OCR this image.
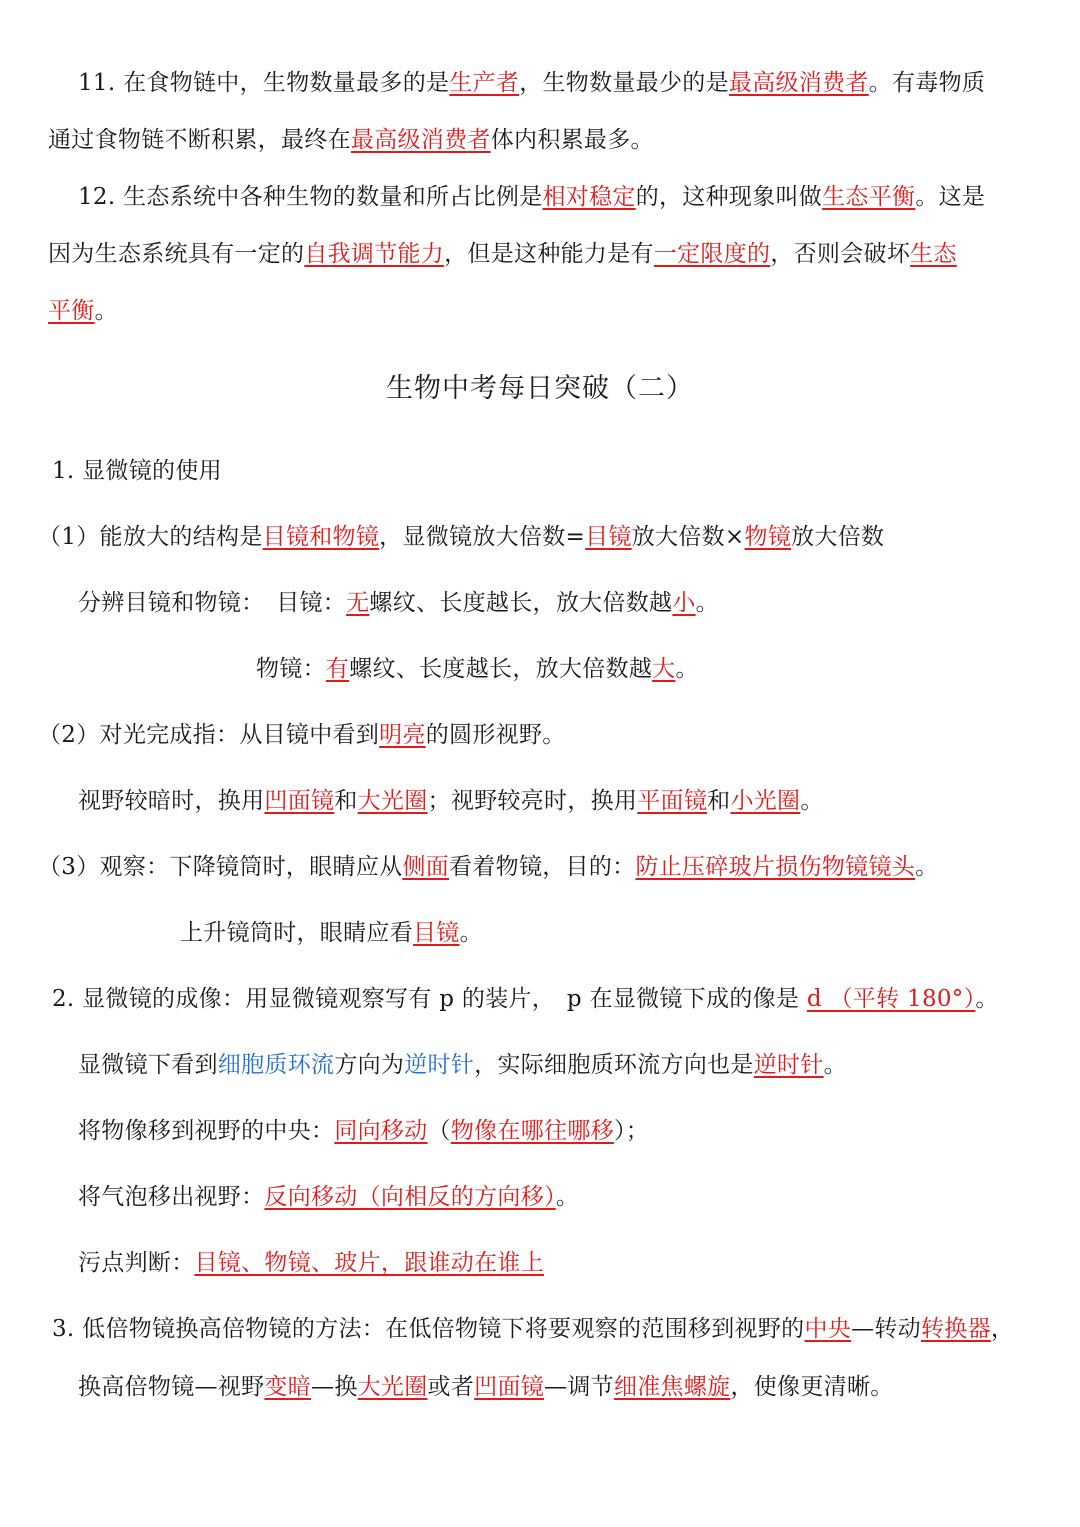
11. 在食物链中，生物数量最多的是生产者，生物数量最少的是最高级消费者。有毒物质
通过食物链不断积累，最终在最高级消费者体内积累最多。
12. 生态系统中各种生物的数量和所占比例是相对稳定的，这种现象叫做生态平衡。这是
因为生态系统具有一定的自我调节能力，但是这种能力是有一定限度的，否则会破坏生态
平衡。
生物中考每日突破（二）
1. 显微镜的使用
（1）能放大的结构是目镜和物镜，显微镜放大倍数=目镜放大倍数×物镜放大倍数
分辨目镜和物镜：　目镜：无螺纹、长度越长，放大倍数越小。
物镜：有螺纹、长度越长，放大倍数越大。
（2）对光完成指：从目镜中看到明亮的圆形视野。
视野较暗时，换用凹面镜和大光圈；视野较亮时，换用平面镜和小光圈。
（3）观察：下降镜筒时，眼睛应从侧面看着物镜，目的：防止压碎玻片损伤物镜镜头。
上升镜筒时，眼睛应看目镜。
2. 显微镜的成像：用显微镜观察写有 p 的装片，　p 在显微镜下成的像是 d （平转 180°）。
显微镜下看到细胞质环流方向为逆时针，实际细胞质环流方向也是逆时针。
将物像移到视野的中央：同向移动（物像在哪往哪移）；
将气泡移出视野：反向移动（向相反的方向移）。
污点判断：目镜、物镜、玻片，跟谁动在谁上
3. 低倍物镜换高倍物镜的方法：在低倍物镜下将要观察的范围移到视野的中央—转动转换器，
换高倍物镜—视野变暗—换大光圈或者凹面镜—调节细准焦螺旋，使像更清晰。
